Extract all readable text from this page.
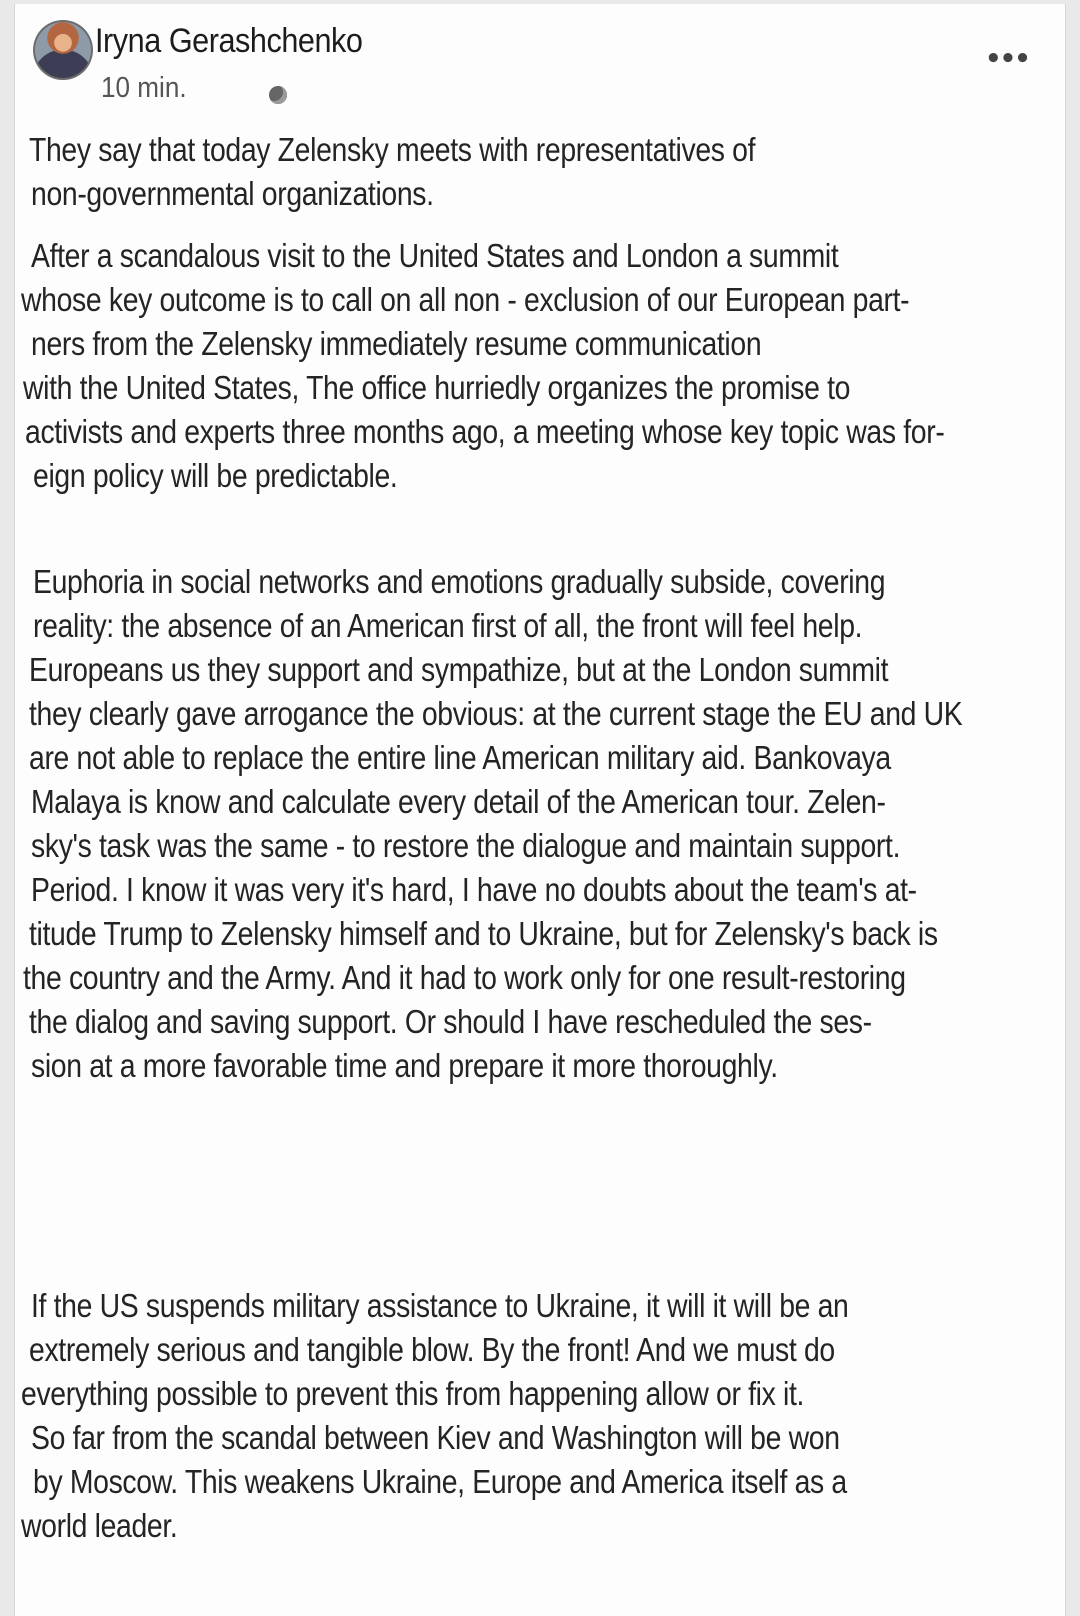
Iryna Gerashchenko
10 min.
•••
They say that today Zelensky meets with representatives of
non-governmental organizations.
After a scandalous visit to the United States and London a summit
whose key outcome is to call on all non - exclusion of our European part-
ners from the Zelensky immediately resume communication
with the United States, The office hurriedly organizes the promise to
activists and experts three months ago, a meeting whose key topic was for-
eign policy will be predictable.
Euphoria in social networks and emotions gradually subside, covering
reality: the absence of an American first of all, the front will feel help.
Europeans us they support and sympathize, but at the London summit
they clearly gave arrogance the obvious: at the current stage the EU and UK
are not able to replace the entire line American military aid. Bankovaya
Malaya is know and calculate every detail of the American tour. Zelen-
sky's task was the same - to restore the dialogue and maintain support.
Period. I know it was very it's hard, I have no doubts about the team's at-
titude Trump to Zelensky himself and to Ukraine, but for Zelensky's back is
the country and the Army. And it had to work only for one result-restoring
the dialog and saving support. Or should I have rescheduled the ses-
sion at a more favorable time and prepare it more thoroughly.
If the US suspends military assistance to Ukraine, it will it will be an
extremely serious and tangible blow. By the front! And we must do
everything possible to prevent this from happening allow or fix it.
So far from the scandal between Kiev and Washington will be won
by Moscow. This weakens Ukraine, Europe and America itself as a
world leader.
